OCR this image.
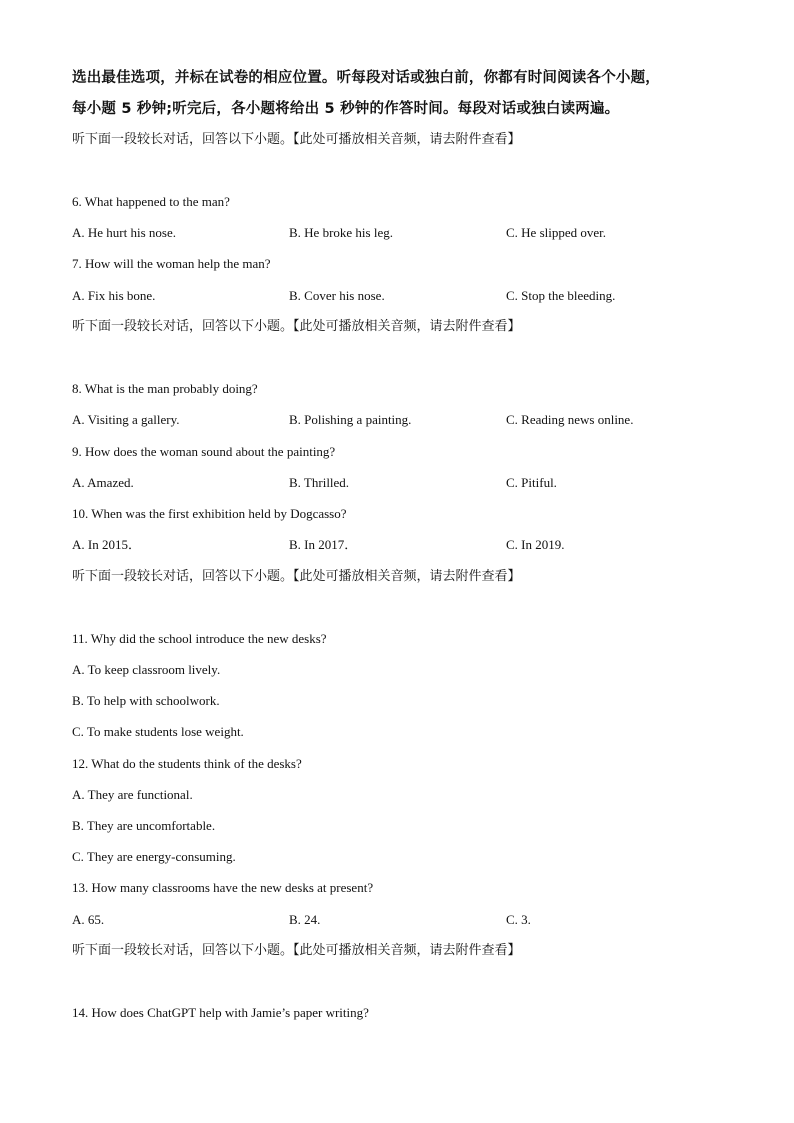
选出最佳选项，并标在试卷的相应位置。听每段对话或独白前，你都有时间阅读各个小题，
每小题 5 秒钟;听完后，各小题将给出 5 秒钟的作答时间。每段对话或独白读两遍。
听下面一段较长对话，回答以下小题。【此处可播放相关音频，请去附件查看】
6. What happened to the man?
A. He hurt his nose.	B. He broke his leg.	C. He slipped over.
7. How will the woman help the man?
A. Fix his bone.	B. Cover his nose.	C. Stop the bleeding.
听下面一段较长对话，回答以下小题。【此处可播放相关音频，请去附件查看】
8. What is the man probably doing?
A. Visiting a gallery.	B. Polishing a painting.	C. Reading news online.
9. How does the woman sound about the painting?
A. Amazed.	B. Thrilled.	C. Pitiful.
10. When was the first exhibition held by Dogcasso?
A. In 2015．	B. In 2017．	C. In 2019.
听下面一段较长对话，回答以下小题。【此处可播放相关音频，请去附件查看】
11. Why did the school introduce the new desks?
A. To keep classroom lively.
B. To help with schoolwork.
C. To make students lose weight.
12. What do the students think of the desks?
A. They are functional.
B. They are uncomfortable.
C. They are energy-consuming.
13. How many classrooms have the new desks at present?
A. 65.	B. 24.	C. 3.
听下面一段较长对话，回答以下小题。【此处可播放相关音频，请去附件查看】
14. How does ChatGPT help with Jamie’s paper writing?
